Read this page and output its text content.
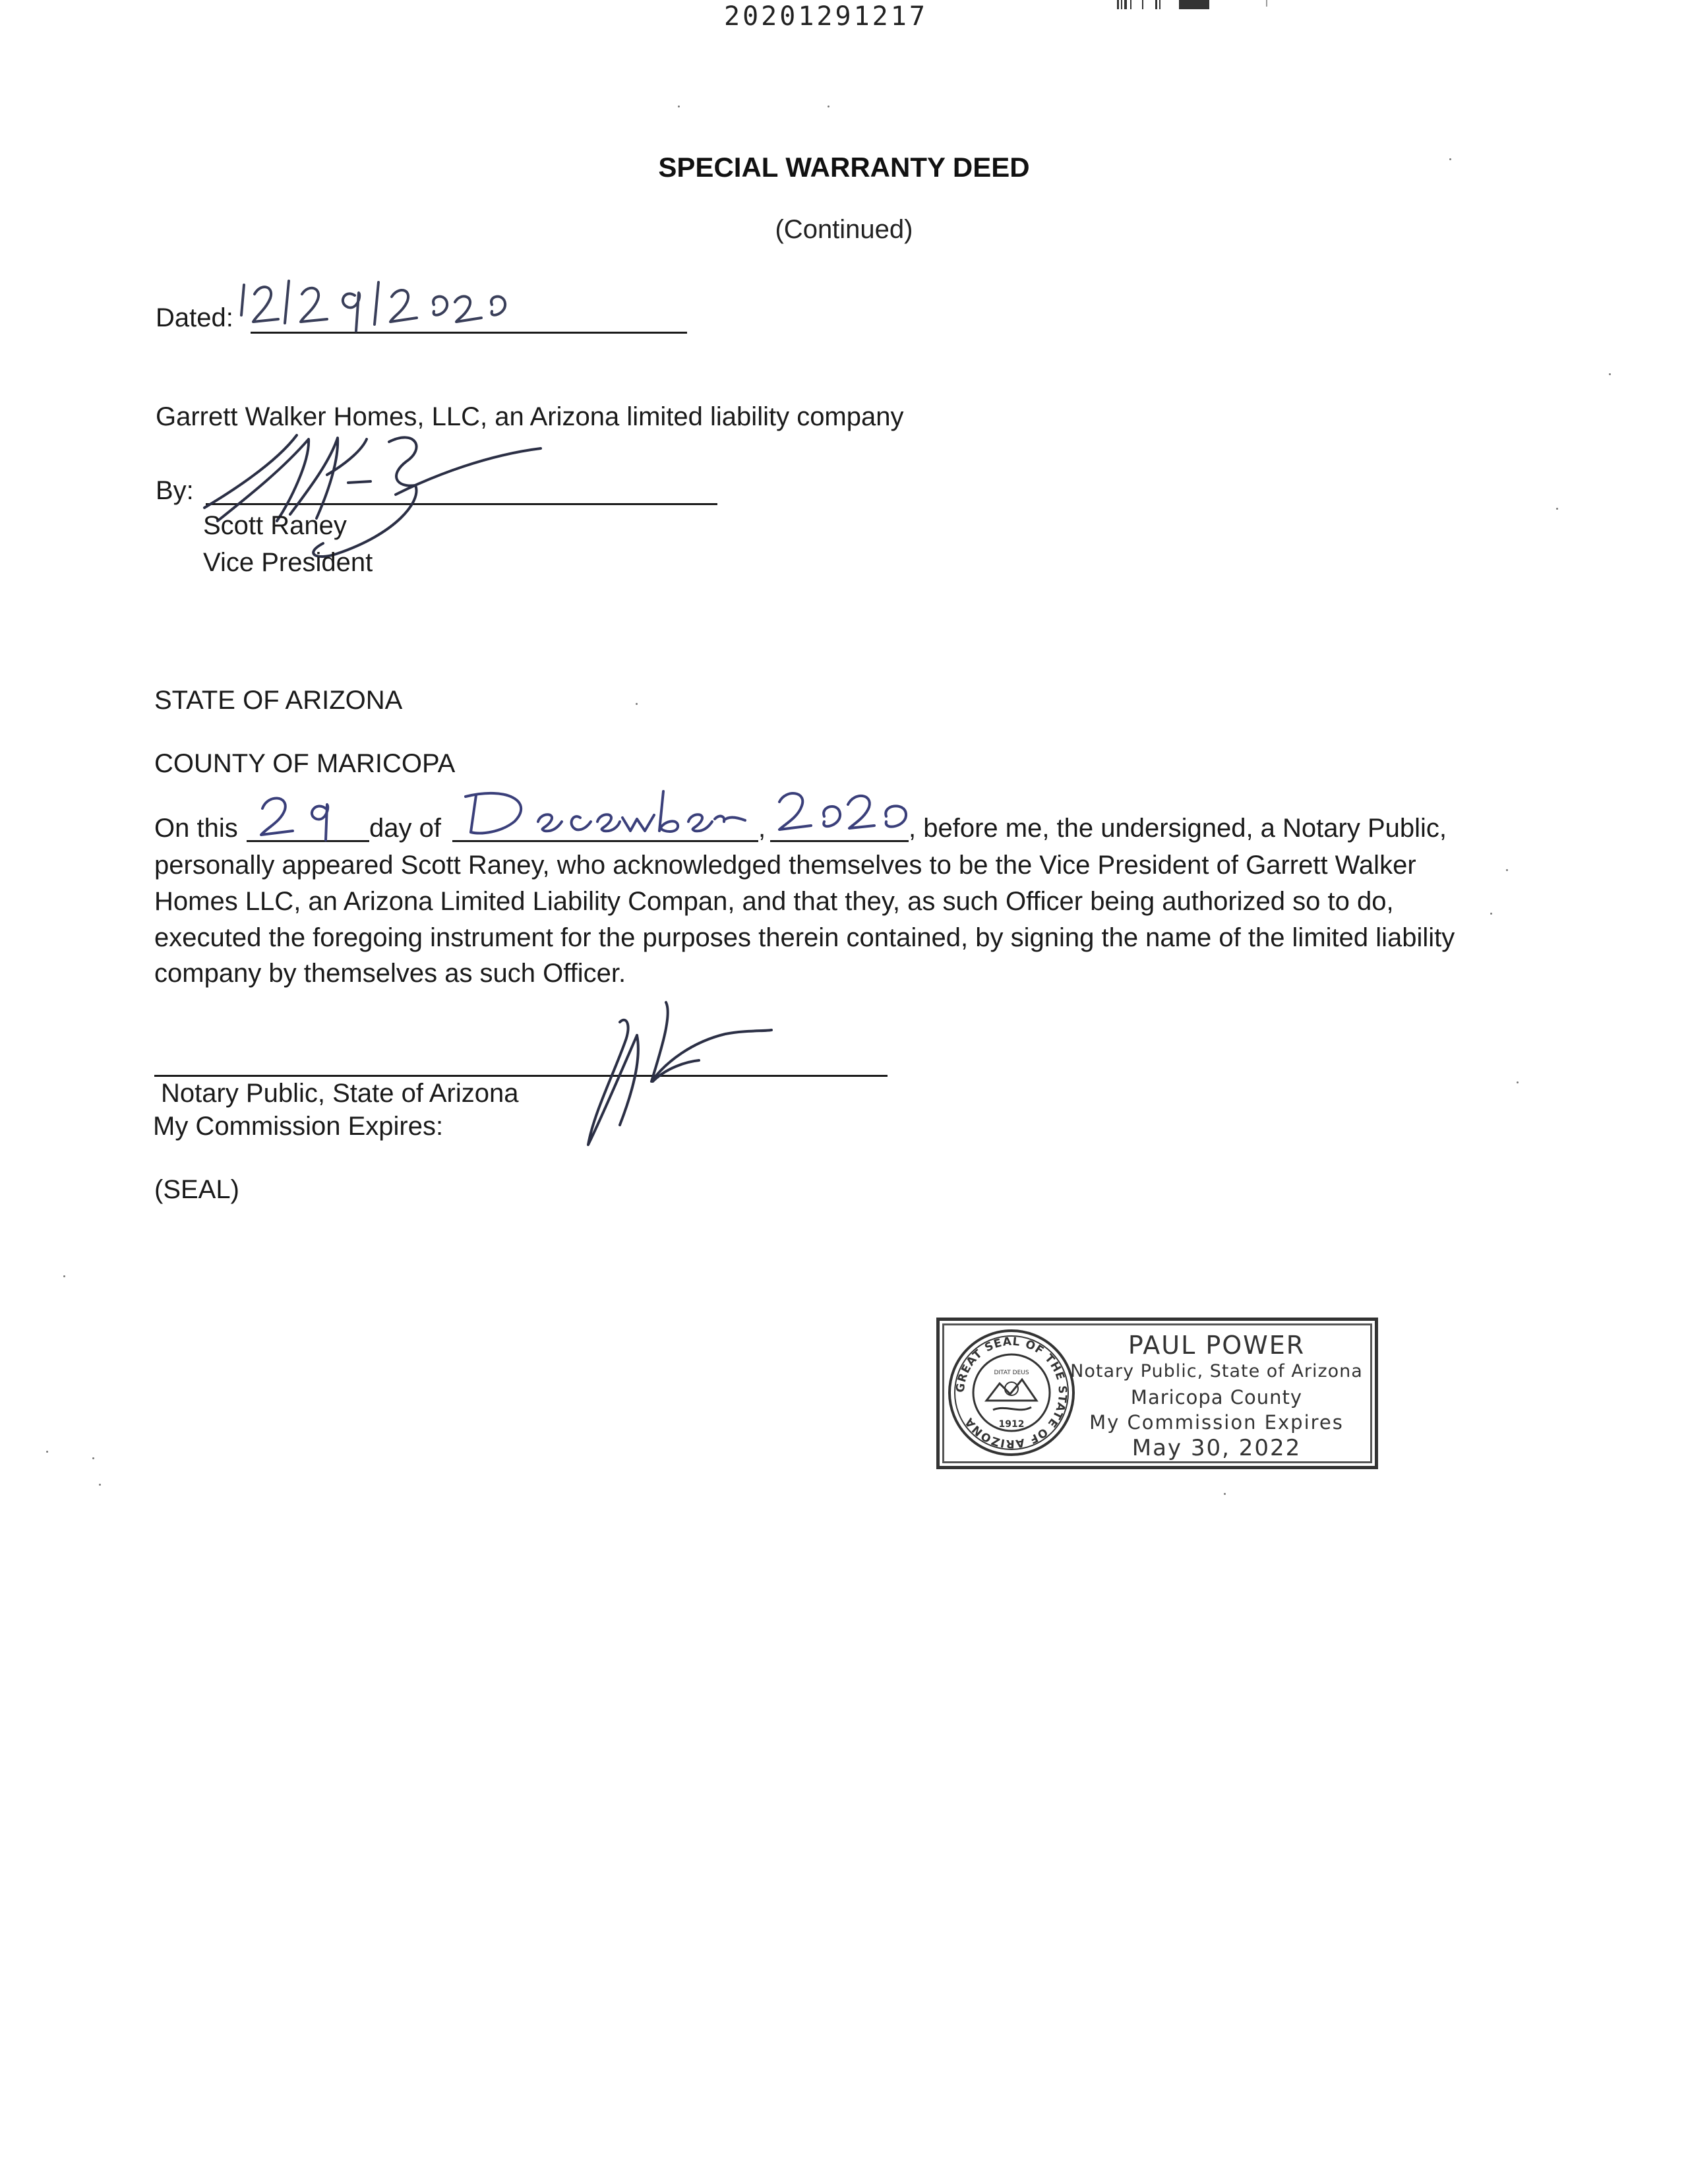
20201291217
SPECIAL WARRANTY DEED
(Continued)
Dated:
Garrett Walker Homes, LLC, an Arizona limited liability company
By:
Scott Raney
Vice President
STATE OF ARIZONA
COUNTY OF MARICOPA
On this	day of	,	, before me, the undersigned, a Notary Public,
personally appeared Scott Raney, who acknowledged themselves to be the Vice President of Garrett Walker
Homes LLC, an Arizona Limited Liability Compan, and that they, as such Officer being authorized so to do,
executed the foregoing instrument for the purposes therein contained, by signing the name of the limited liability
company by themselves as such Officer.
Notary Public, State of Arizona
My Commission Expires:
(SEAL)
GREAT SEAL OF THE STATE OF ARIZONA
DITAT DEUS
1912
PAUL POWER
Notary Public, State of Arizona
Maricopa County
My Commission Expires
May 30, 2022
